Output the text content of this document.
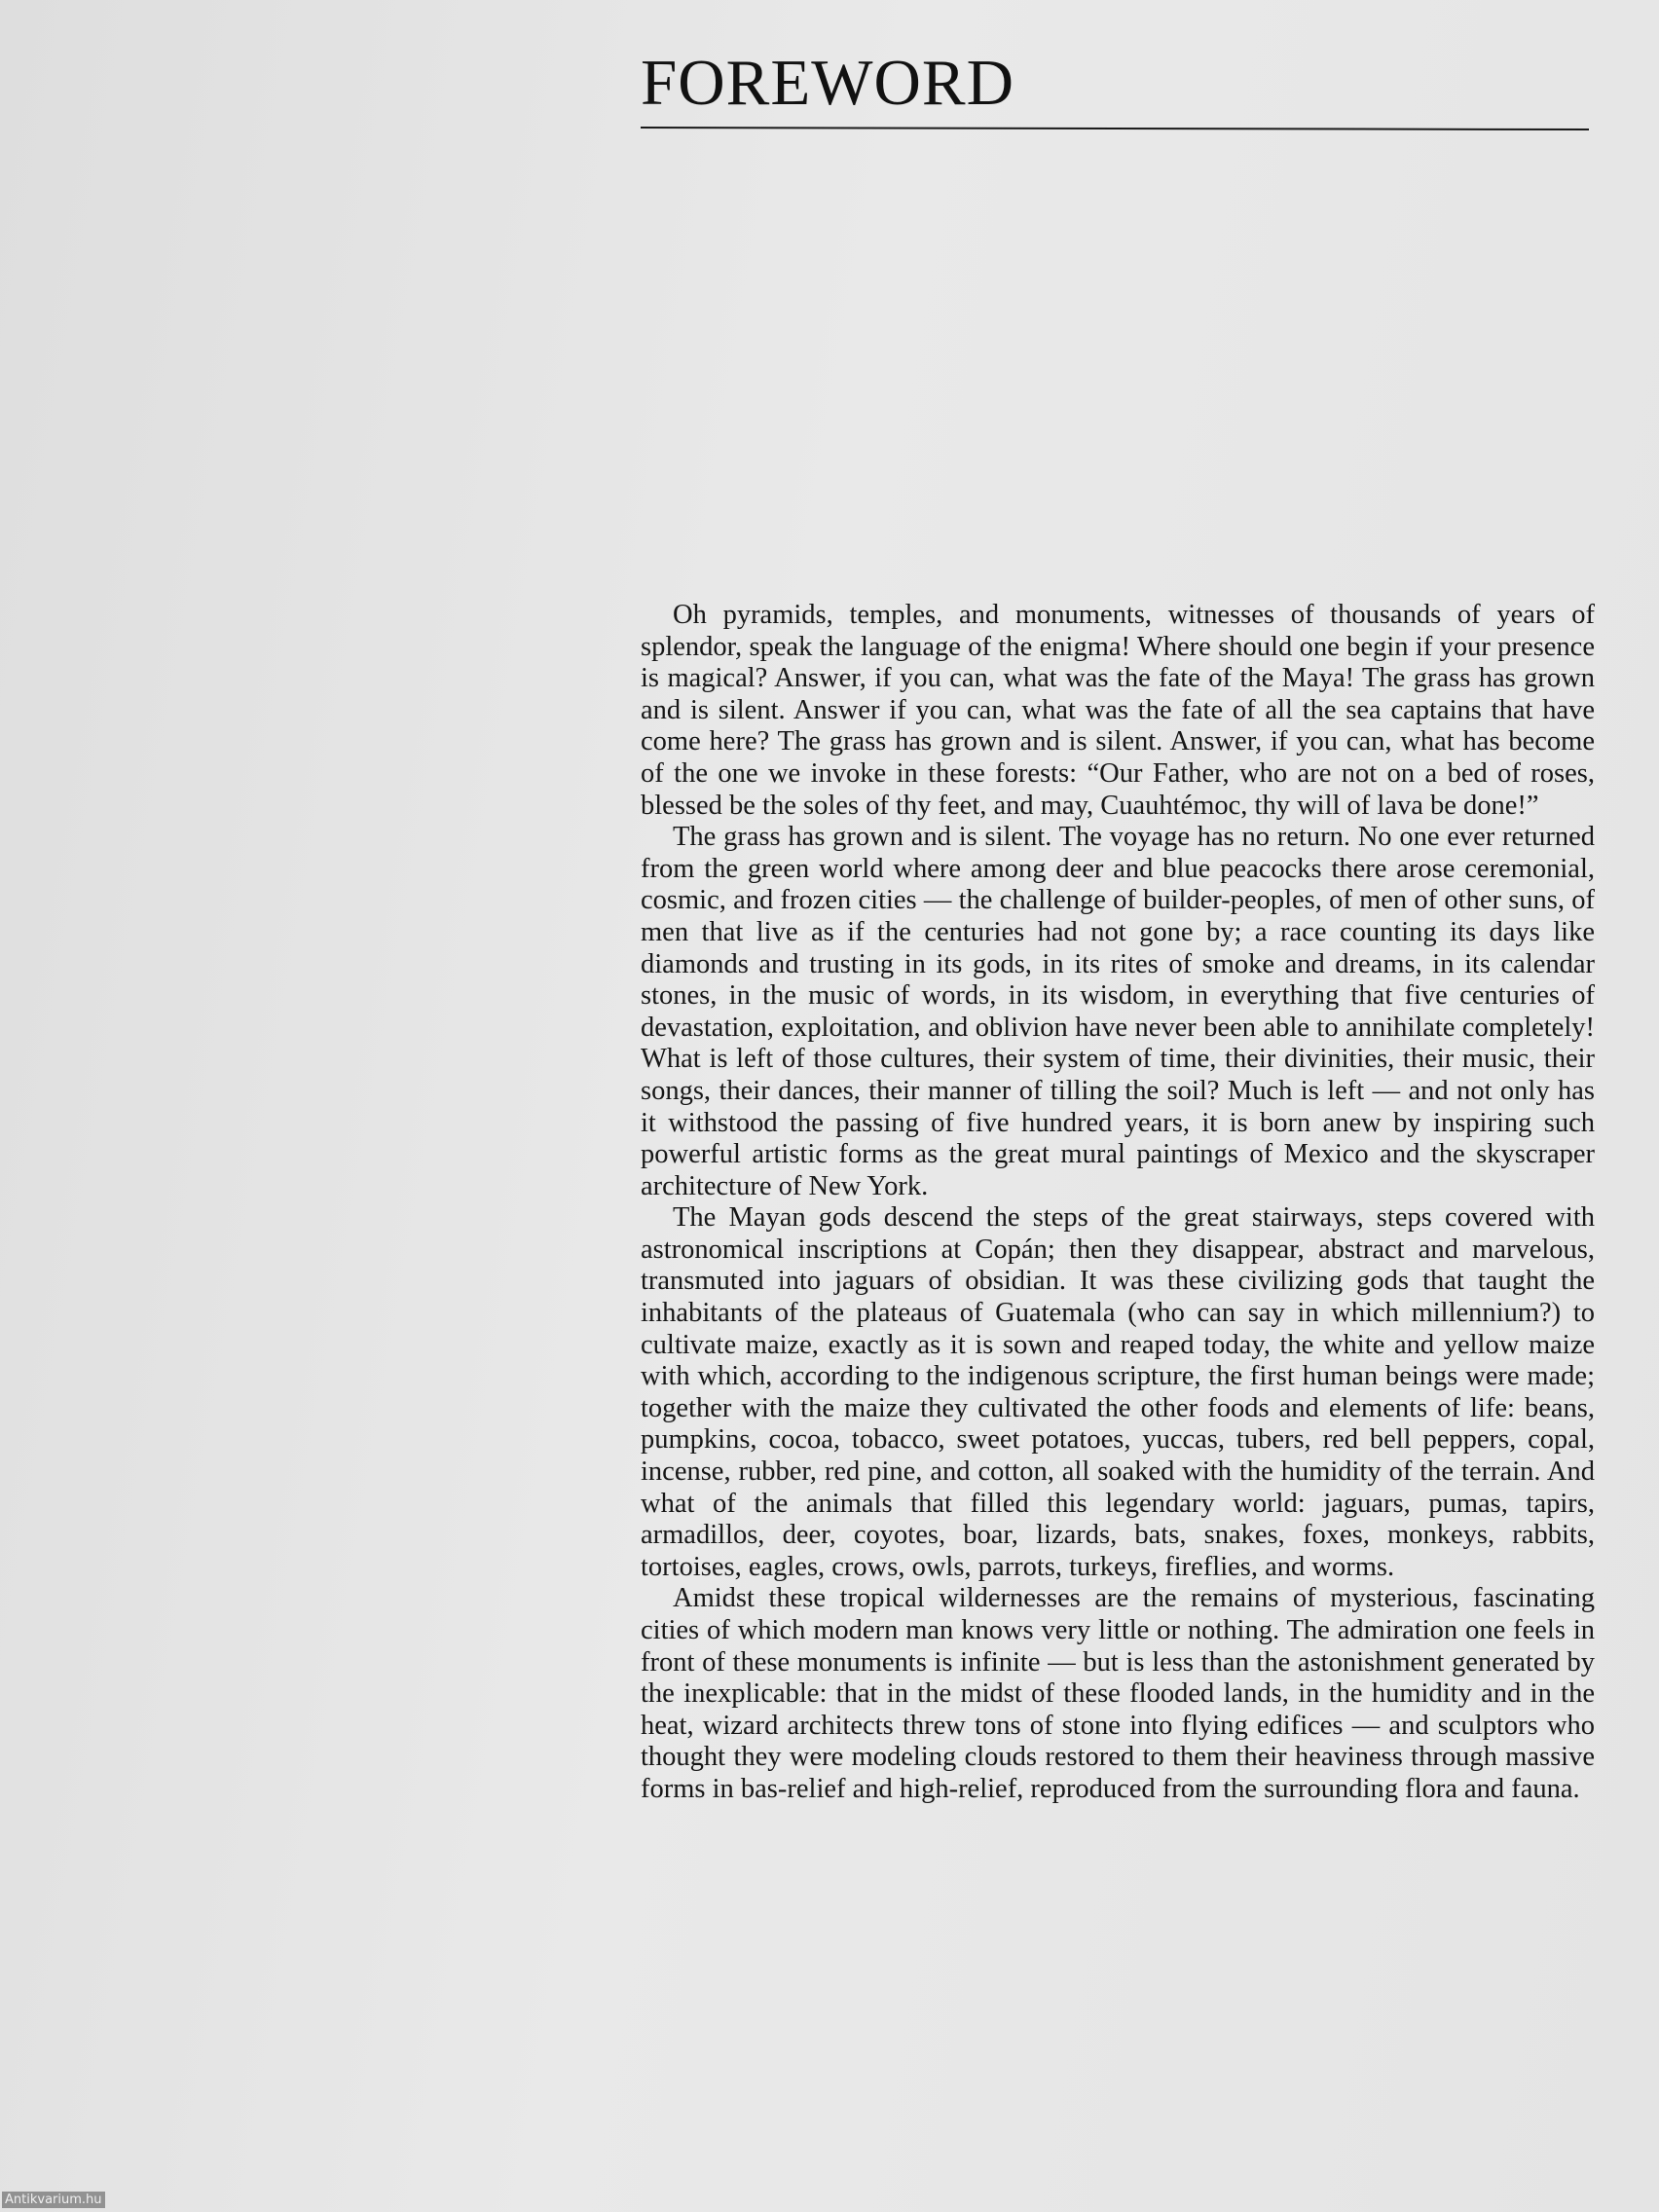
FOREWORD

Oh pyramids, temples, and monuments, witnesses of thousands of years of splendor, speak the language of the enigma! Where should one begin if your presence is magical? Answer, if you can, what was the fate of the Maya! The grass has grown and is silent. Answer if you can, what was the fate of all the sea captains that have come here? The grass has grown and is silent. Answer, if you can, what has become of the one we invoke in these forests: “Our Father, who are not on a bed of roses, blessed be the soles of thy feet, and may, Cuauhtémoc, thy will of lava be done!”

The grass has grown and is silent. The voyage has no return. No one ever returned from the green world where among deer and blue peacocks there arose ceremonial, cosmic, and frozen cities — the challenge of builder-peoples, of men of other suns, of men that live as if the centuries had not gone by; a race counting its days like diamonds and trusting in its gods, in its rites of smoke and dreams, in its calendar stones, in the music of words, in its wisdom, in everything that five centuries of devastation, exploitation, and oblivion have never been able to annihilate completely! What is left of those cultures, their system of time, their divinities, their music, their songs, their dances, their manner of tilling the soil? Much is left — and not only has it withstood the passing of five hundred years, it is born anew by inspiring such powerful artistic forms as the great mural paintings of Mexico and the skyscraper architecture of New York.

The Mayan gods descend the steps of the great stairways, steps covered with astronomical inscriptions at Copán; then they disappear, abstract and marvelous, transmuted into jaguars of obsidian. It was these civilizing gods that taught the inhabitants of the plateaus of Guatemala (who can say in which millennium?) to cultivate maize, exactly as it is sown and reaped today, the white and yellow maize with which, according to the indigenous scripture, the first human beings were made; together with the maize they cultivated the other foods and elements of life: beans, pumpkins, cocoa, tobacco, sweet potatoes, yuccas, tubers, red bell peppers, copal, incense, rubber, red pine, and cotton, all soaked with the humidity of the terrain. And what of the animals that filled this legendary world: jaguars, pumas, tapirs, armadillos, deer, coyotes, boar, lizards, bats, snakes, foxes, monkeys, rabbits, tortoises, eagles, crows, owls, parrots, turkeys, fireflies, and worms.

Amidst these tropical wildernesses are the remains of mysterious, fascinating cities of which modern man knows very little or nothing. The admiration one feels in front of these monuments is infinite — but is less than the astonishment generated by the inexplicable: that in the midst of these flooded lands, in the humidity and in the heat, wizard architects threw tons of stone into flying edifices — and sculptors who thought they were modeling clouds restored to them their heaviness through massive forms in bas-relief and high-relief, reproduced from the surrounding flora and fauna.

Antikvarium.hu
